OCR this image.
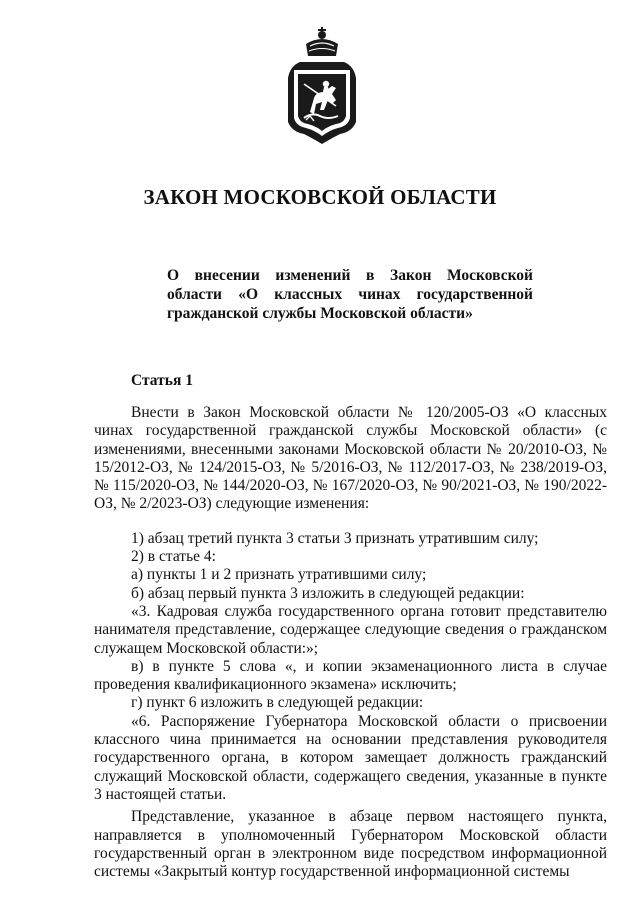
ЗАКОН МОСКОВСКОЙ ОБЛАСТИ
О внесении изменений в Закон Московской области «О классных чинах государственной гражданской службы Московской области»
Статья 1

Внести в Закон Московской области № 120/2005-ОЗ «О классных чинах государственной гражданской службы Московской области» (с изменениями, внесенными законами Московской области № 20/2010-ОЗ, № 15/2012-ОЗ, № 124/2015-ОЗ, № 5/2016-ОЗ, № 112/2017-ОЗ, № 238/2019-ОЗ, № 115/2020-ОЗ, № 144/2020-ОЗ, № 167/2020-ОЗ, № 90/2021-ОЗ, № 190/2022-ОЗ, № 2/2023-ОЗ) следующие изменения:

1) абзац третий пункта 3 статьи 3 признать утратившим силу;

2) в статье 4:

а) пункты 1 и 2 признать утратившими силу;

б) абзац первый пункта 3 изложить в следующей редакции:

«3. Кадровая служба государственного органа готовит представителю нанимателя представление, содержащее следующие сведения о гражданском служащем Московской области:»;

в) в пункте 5 слова «, и копии экзаменационного листа в случае проведения квалификационного экзамена» исключить;

г) пункт 6 изложить в следующей редакции:

«6. Распоряжение Губернатора Московской области о присвоении классного чина принимается на основании представления руководителя государственного органа, в котором замещает должность гражданский служащий Московской области, содержащего сведения, указанные в пункте 3 настоящей статьи.

Представление, указанное в абзаце первом настоящего пункта, направляется в уполномоченный Губернатором Московской области государственный орган в электронном виде посредством информационной системы «Закрытый контур государственной информационной системы
